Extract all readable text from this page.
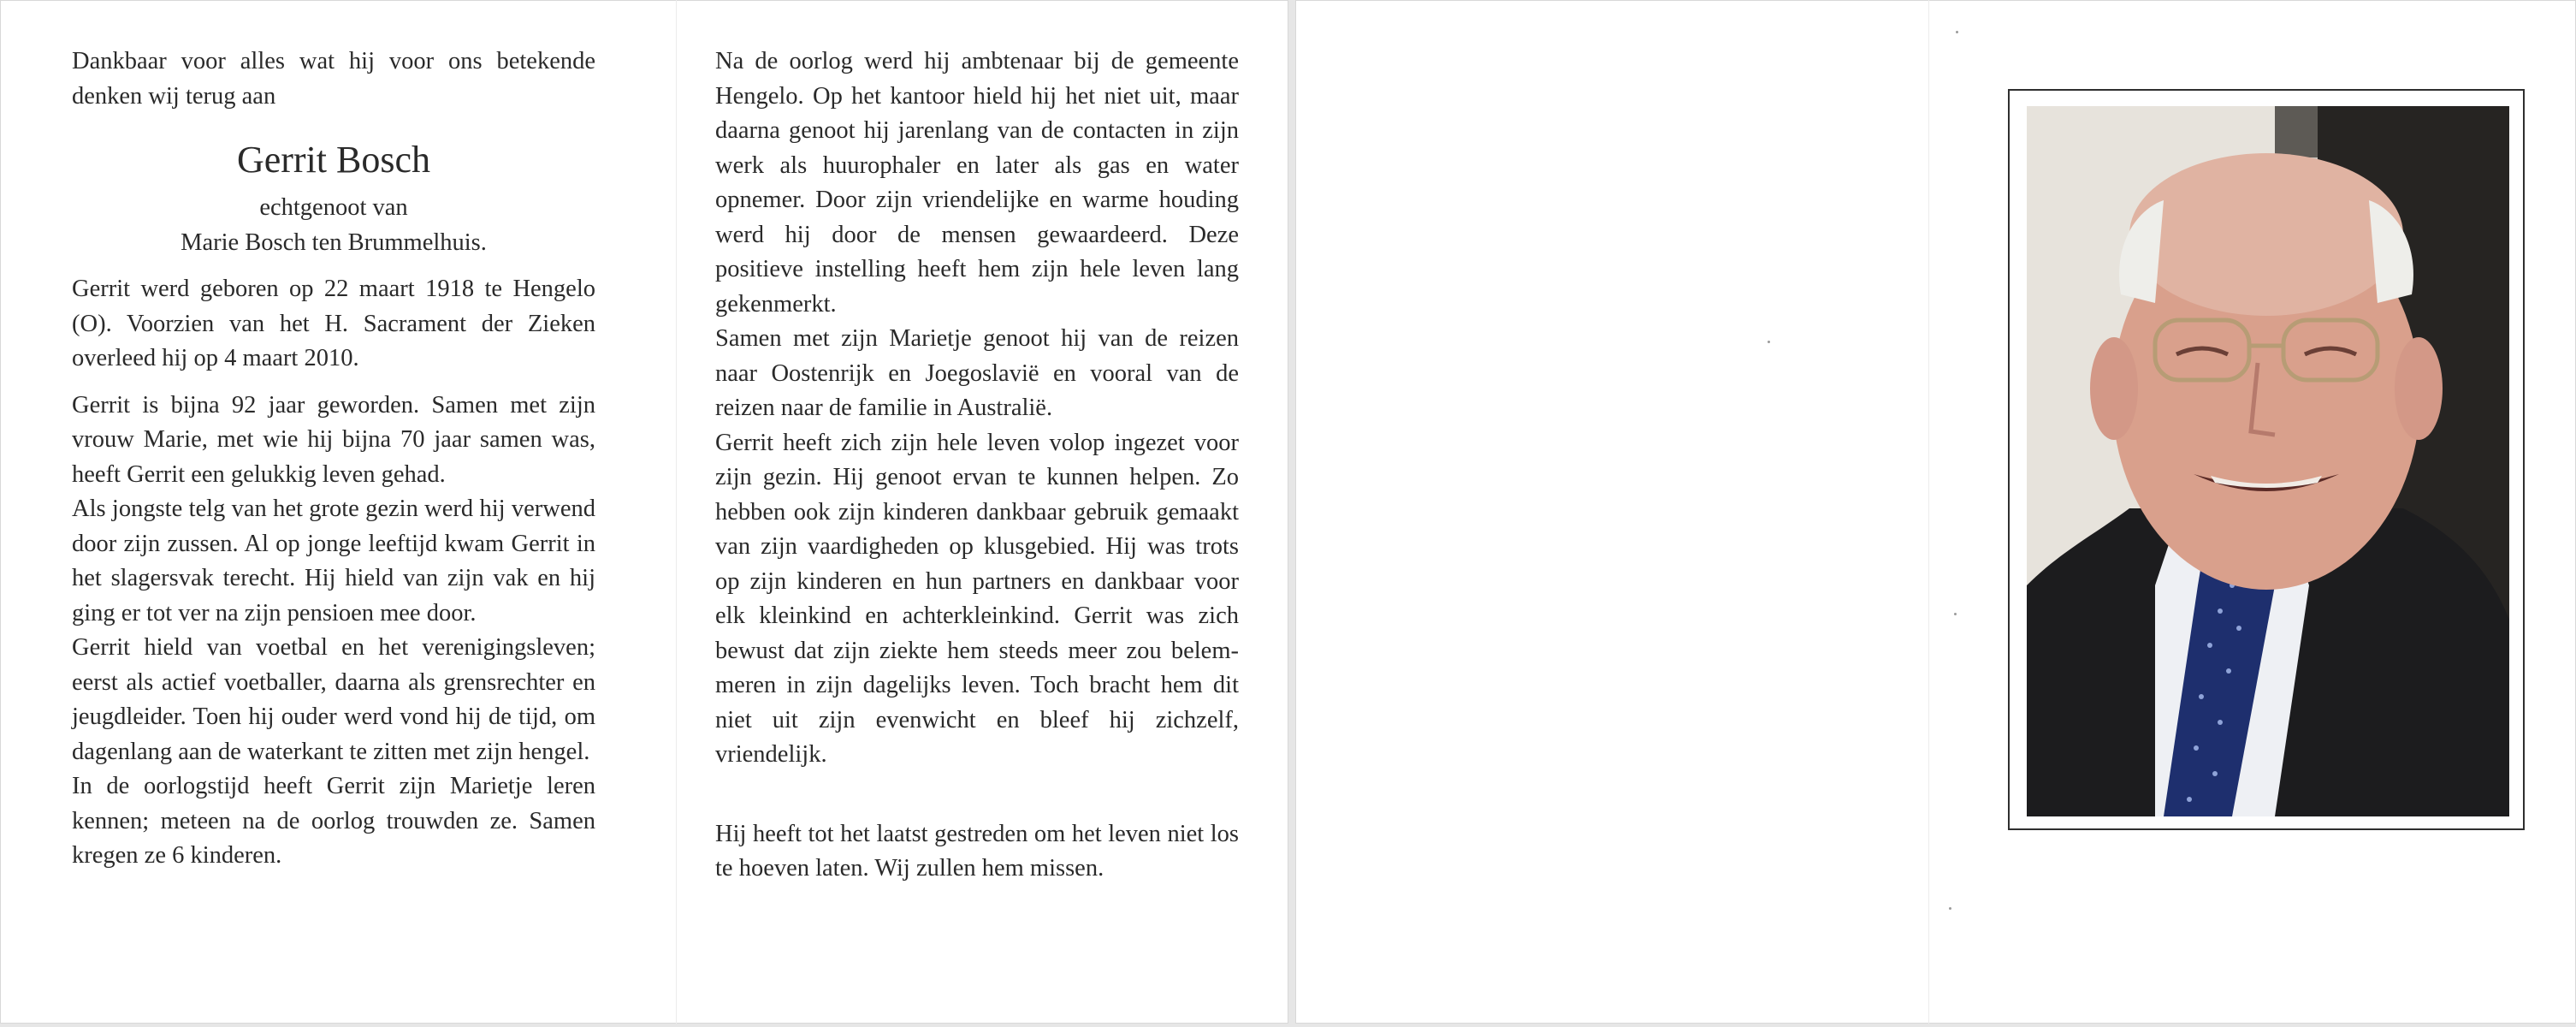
Dankbaar voor alles wat hij voor ons betekende denken wij terug aan

Gerrit Bosch

echtgenoot van

Marie Bosch ten Brummelhuis.

Gerrit werd geboren op 22 maart 1918 te Hengelo (O). Voorzien van het H. Sacrament der Zieken overleed hij op 4 maart 2010.

Gerrit is bijna 92 jaar geworden. Samen met zijn vrouw Marie, met wie hij bijna 70 jaar samen was, heeft Gerrit een gelukkig leven gehad.

Als jongste telg van het grote gezin werd hij verwend door zijn zussen. Al op jonge leeftijd kwam Gerrit in het slagersvak terecht. Hij hield van zijn vak en hij ging er tot ver na zijn pensioen mee door.

Gerrit hield van voetbal en het verenigingsleven; eerst als actief voetballer, daarna als grensrechter en jeugdleider. Toen hij ouder werd vond hij de tijd, om dagenlang aan de waterkant te zitten met zijn hengel.

In de oorlogstijd heeft Gerrit zijn Marietje leren kennen; meteen na de oorlog trouwden ze. Samen kregen ze 6 kinderen.

Na de oorlog werd hij ambtenaar bij de gemeente Hengelo. Op het kantoor hield hij het niet uit, maar daarna genoot hij jarenlang van de contacten in zijn werk als huurophaler en later als gas en water opnemer. Door zijn vriendelijke en warme houding werd hij door de mensen gewaardeerd. Deze positieve instelling heeft hem zijn hele leven lang gekenmerkt.

Samen met zijn Marietje genoot hij van de reizen naar Oostenrijk en Joegoslavië en vooral van de reizen naar de familie in Australië.

Gerrit heeft zich zijn hele leven volop ingezet voor zijn gezin. Hij genoot ervan te kunnen helpen. Zo hebben ook zijn kinderen dankbaar gebruik gemaakt van zijn vaardigheden op klusgebied. Hij was trots op zijn kinderen en hun partners en dankbaar voor elk kleinkind en achterkleinkind. Gerrit was zich bewust dat zijn ziekte hem steeds meer zou belemmeren in zijn dagelijks leven. Toch bracht hem dit niet uit zijn evenwicht en bleef hij zichzelf, vriendelijk.

Hij heeft tot het laatst gestreden om het leven niet los te hoeven laten. Wij zullen hem missen.
